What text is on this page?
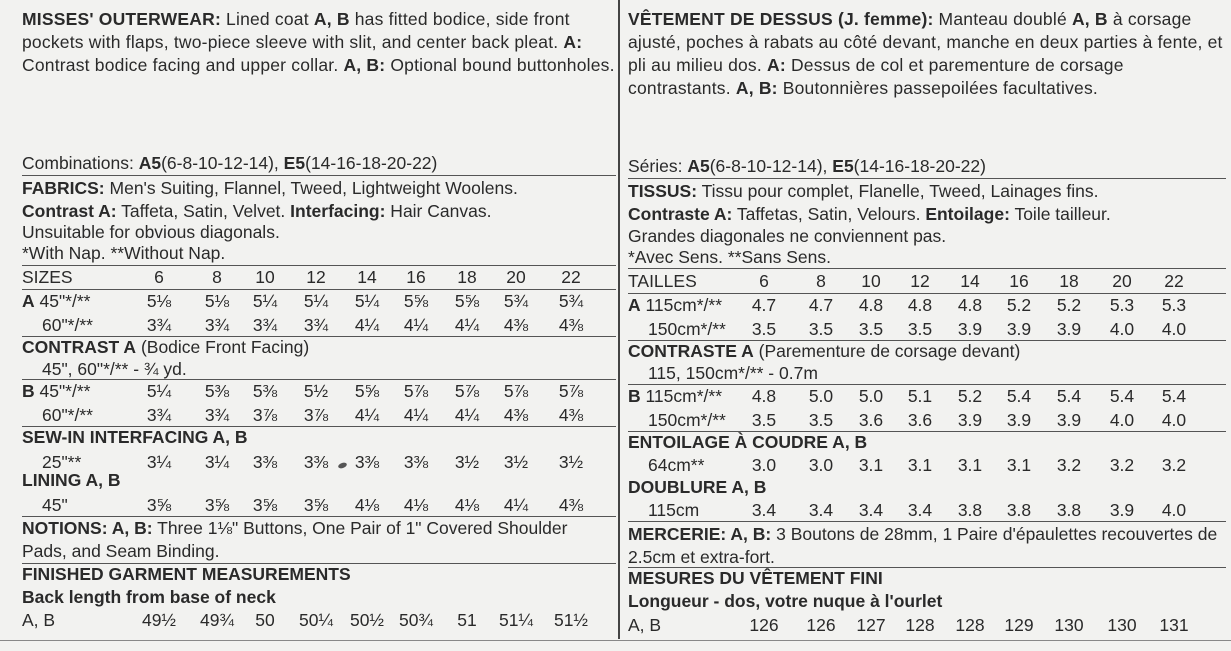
MISSES' OUTERWEAR: Lined coat A, B has fitted bodice, side front pockets with flaps, two-piece sleeve with slit, and center back pleat. A: Contrast bodice facing and upper collar. A, B: Optional bound buttonholes.
Combinations: A5(6-8-10-12-14), E5(14-16-18-20-22)
FABRICS: Men's Suiting, Flannel, Tweed, Lightweight Woolens.
Contrast A: Taffeta, Satin, Velvet. Interfacing: Hair Canvas.
Unsuitable for obvious diagonals.
*With Nap. **Without Nap.
SIZES	6	8	10	12	14	16	18	20	22
A 45"*/**	5⅛	5⅛	5¼	5¼	5¼	5⅝	5⅝	5¾	5¾
60"*/**	3¾	3¾	3¾	3¾	4¼	4¼	4¼	4⅜	4⅜
CONTRAST A (Bodice Front Facing)
45", 60"*/** - ¾ yd.
B 45"*/**	5¼	5⅜	5⅜	5½	5⅝	5⅞	5⅞	5⅞	5⅞
60"*/**	3¾	3¾	3⅞	3⅞	4¼	4¼	4¼	4⅜	4⅜
SEW-IN INTERFACING A, B
25"**	3¼	3¼	3⅜	3⅜	3⅜	3⅜	3½	3½	3½
LINING A, B
45"	3⅝	3⅝	3⅝	3⅝	4⅛	4⅛	4⅛	4¼	4⅜
NOTIONS: A, B: Three 1⅛" Buttons, One Pair of 1" Covered Shoulder Pads, and Seam Binding.
FINISHED GARMENT MEASUREMENTS
Back length from base of neck
A, B	49½	49¾	50	50¼ 50½ 50¾	51	51¼	51½
VÊTEMENT DE DESSUS (J. femme): Manteau doublé A, B à corsage ajusté, poches à rabats au côté devant, manche en deux parties à fente, et pli au milieu dos. A: Dessus de col et parementure de corsage contrastants. A, B: Boutonnières passepoilées facultatives.
Séries: A5(6-8-10-12-14), E5(14-16-18-20-22)
TISSUS: Tissu pour complet, Flanelle, Tweed, Lainages fins.
Contraste A: Taffetas, Satin, Velours. Entoilage: Toile tailleur.
Grandes diagonales ne conviennent pas.
*Avec Sens. **Sans Sens.
TAILLES	6	8	10	12	14	16	18	20	22
A 115cm*/**	4.7	4.7	4.8	4.8	4.8	5.2	5.2	5.3	5.3
150cm*/**	3.5	3.5	3.5	3.5	3.9	3.9	3.9	4.0	4.0
CONTRASTE A (Parementure de corsage devant)
115, 150cm*/** - 0.7m
B 115cm*/**	4.8	5.0	5.0	5.1	5.2	5.4	5.4	5.4	5.4
150cm*/**	3.5	3.5	3.6	3.6	3.9	3.9	3.9	4.0	4.0
ENTOILAGE À COUDRE A, B
64cm**	3.0	3.0	3.1	3.1	3.1	3.1	3.2	3.2	3.2
DOUBLURE A, B
115cm	3.4	3.4	3.4	3.4	3.8	3.8	3.8	3.9	4.0
MERCERIE: A, B: 3 Boutons de 28mm, 1 Paire d'épaulettes recouvertes de 2.5cm et extra-fort.
MESURES DU VÊTEMENT FINI
Longueur - dos, votre nuque à l'ourlet
A, B	126	126	127	128	128	129	130	130	131
